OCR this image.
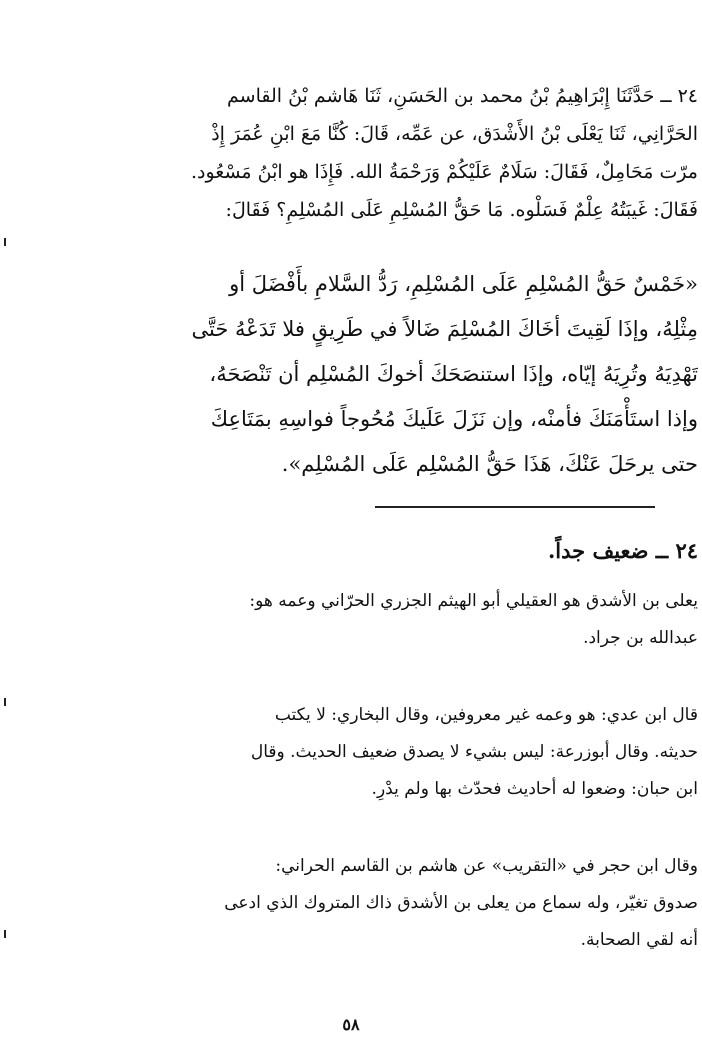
٢٤ ــ حَدَّثَنَا إِبْرَاهِيمُ بْنُ محمد بن الحَسَنِ، ثَنَا هَاشم بْنُ القاسم
الحَرَّانِي، ثَنَا يَعْلَى بْنُ الأَشْدَق، عن عَمِّه، قَالَ: كُنَّا مَعَ ابْنِ عُمَرَ إِذْ
مرّت مَحَامِلٌ، فَقَالَ: سَلَامٌ عَلَيْكُمْ وَرَحْمَةُ الله. فَإِذَا هو ابْنُ مَسْعُود.
فَقَالَ: غَيبَتُهُ عِلْمٌ فَسَلْوه. مَا حَقُّ المُسْلِمِ عَلَى المُسْلِمِ؟ فَقَالَ:
«خَمْسٌ حَقُّ المُسْلِمِ عَلَى المُسْلِمِ، رَدُّ السَّلامِ بأَفْضَلَ أو
مِثْلِهُ، وإذَا لَقِيتَ أخَاكَ المُسْلِمَ ضَالاً في طَرِيقٍ فلا تَدَعْهُ حَتَّى
تَهْدِيَهُ وتُرِيَهُ إيّاه، وإذَا استنصَحَكَ أخوكَ المُسْلِم أن تَنْصَحَهُ،
وإذا استَأْمَنَكَ فأمنْه، وإن نَزَلَ عَلَيكَ مُحُوجاً فواسِهِ بمَتَاعِكَ
حتى يرحَلَ عَنْكَ، هَذَا حَقُّ المُسْلِم عَلَى المُسْلِم».
٢٤ ــ ضعيف جداً.
يعلى بن الأشدق هو العقيلي أبو الهيثم الجزري الحرّاني وعمه هو:
عبدالله بن جراد.
قال ابن عدي: هو وعمه غير معروفين، وقال البخاري: لا يكتب
حديثه. وقال أبوزرعة: ليس بشيء لا يصدق ضعيف الحديث. وقال
ابن حبان: وضعوا له أحاديث فحدّث بها ولم يدْرِ.
وقال ابن حجر في «التقريب» عن هاشم بن القاسم الحراني:
صدوق تغيّر، وله سماع من يعلى بن الأشدق ذاك المتروك الذي ادعى
أنه لقي الصحابة.
٥٨
